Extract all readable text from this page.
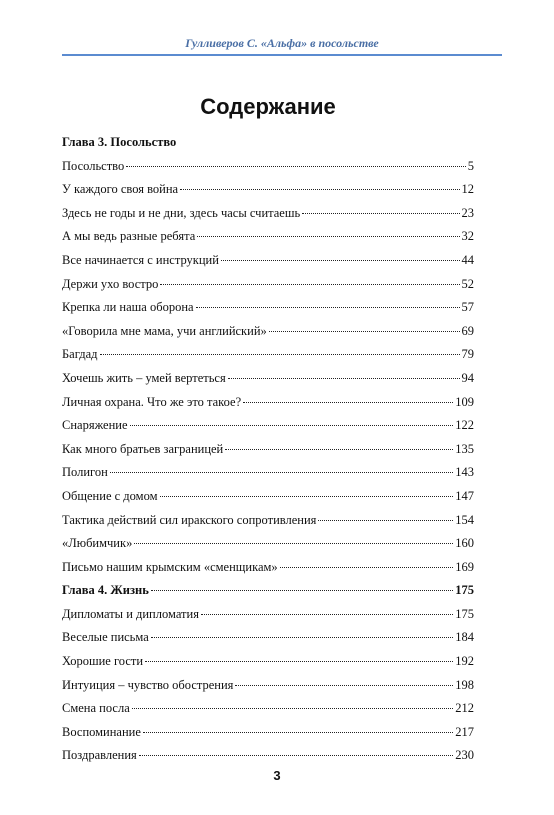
Гулливеров С. «Альфа» в посольстве
Содержание
Глава 3. Посольство
Посольство	5
У каждого своя война	12
Здесь не годы и не дни, здесь часы считаешь	23
А мы ведь разные ребята	32
Все начинается с инструкций	44
Держи ухо востро	52
Крепка ли наша оборона	57
«Говорила мне мама, учи английский»	69
Багдад	79
Хочешь жить – умей вертеться	94
Личная охрана. Что же это такое?	109
Снаряжение	122
Как много братьев заграницей	135
Полигон	143
Общение с домом	147
Тактика действий сил иракского сопротивления	154
«Любимчик»	160
Письмо нашим крымским «сменщикам»	169
Глава 4. Жизнь	175
Дипломаты и дипломатия	175
Веселые письма	184
Хорошие гости	192
Интуиция – чувство обострения	198
Смена посла	212
Воспоминание	217
Поздравления	230
3
